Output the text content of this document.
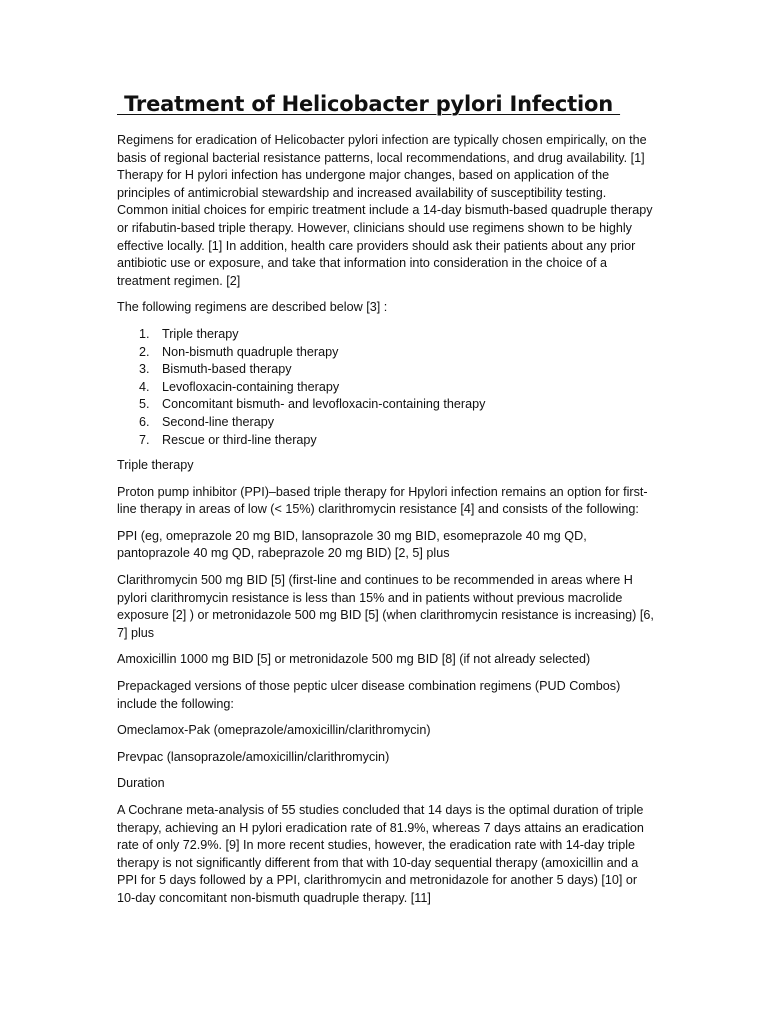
Treatment of Helicobacter pylori Infection

Regimens for eradication of Helicobacter pylori infection are typically chosen empirically, on the basis of regional bacterial resistance patterns, local recommendations, and drug availability. [1] Therapy for H pylori infection has undergone major changes, based on application of the principles of antimicrobial stewardship and increased availability of susceptibility testing. Common initial choices for empiric treatment include a 14-day bismuth-based quadruple therapy or rifabutin-based triple therapy. However, clinicians should use regimens shown to be highly effective locally. [1] In addition, health care providers should ask their patients about any prior antibiotic use or exposure, and take that information into consideration in the choice of a treatment regimen. [2]

The following regimens are described below [3] :

1. Triple therapy
2. Non-bismuth quadruple therapy
3. Bismuth-based therapy
4. Levofloxacin-containing therapy
5. Concomitant bismuth- and levofloxacin-containing therapy
6. Second-line therapy
7. Rescue or third-line therapy

Triple therapy

Proton pump inhibitor (PPI)–based triple therapy for Hpylori infection remains an option for first-line therapy in areas of low (< 15%) clarithromycin resistance [4] and consists of the following:

PPI (eg, omeprazole 20 mg BID, lansoprazole 30 mg BID, esomeprazole 40 mg QD, pantoprazole 40 mg QD, rabeprazole 20 mg BID) [2, 5] plus

Clarithromycin 500 mg BID [5] (first-line and continues to be recommended in areas where H pylori clarithromycin resistance is less than 15% and in patients without previous macrolide exposure [2] ) or metronidazole 500 mg BID [5] (when clarithromycin resistance is increasing) [6, 7] plus

Amoxicillin 1000 mg BID [5] or metronidazole 500 mg BID [8] (if not already selected)

Prepackaged versions of those peptic ulcer disease combination regimens (PUD Combos) include the following:

Omeclamox-Pak (omeprazole/amoxicillin/clarithromycin)

Prevpac (lansoprazole/amoxicillin/clarithromycin)

Duration

A Cochrane meta-analysis of 55 studies concluded that 14 days is the optimal duration of triple therapy, achieving an H pylori eradication rate of 81.9%, whereas 7 days attains an eradication rate of only 72.9%. [9] In more recent studies, however, the eradication rate with 14-day triple therapy is not significantly different from that with 10-day sequential therapy (amoxicillin and a PPI for 5 days followed by a PPI, clarithromycin and metronidazole for another 5 days) [10] or 10-day concomitant non-bismuth quadruple therapy. [11]
